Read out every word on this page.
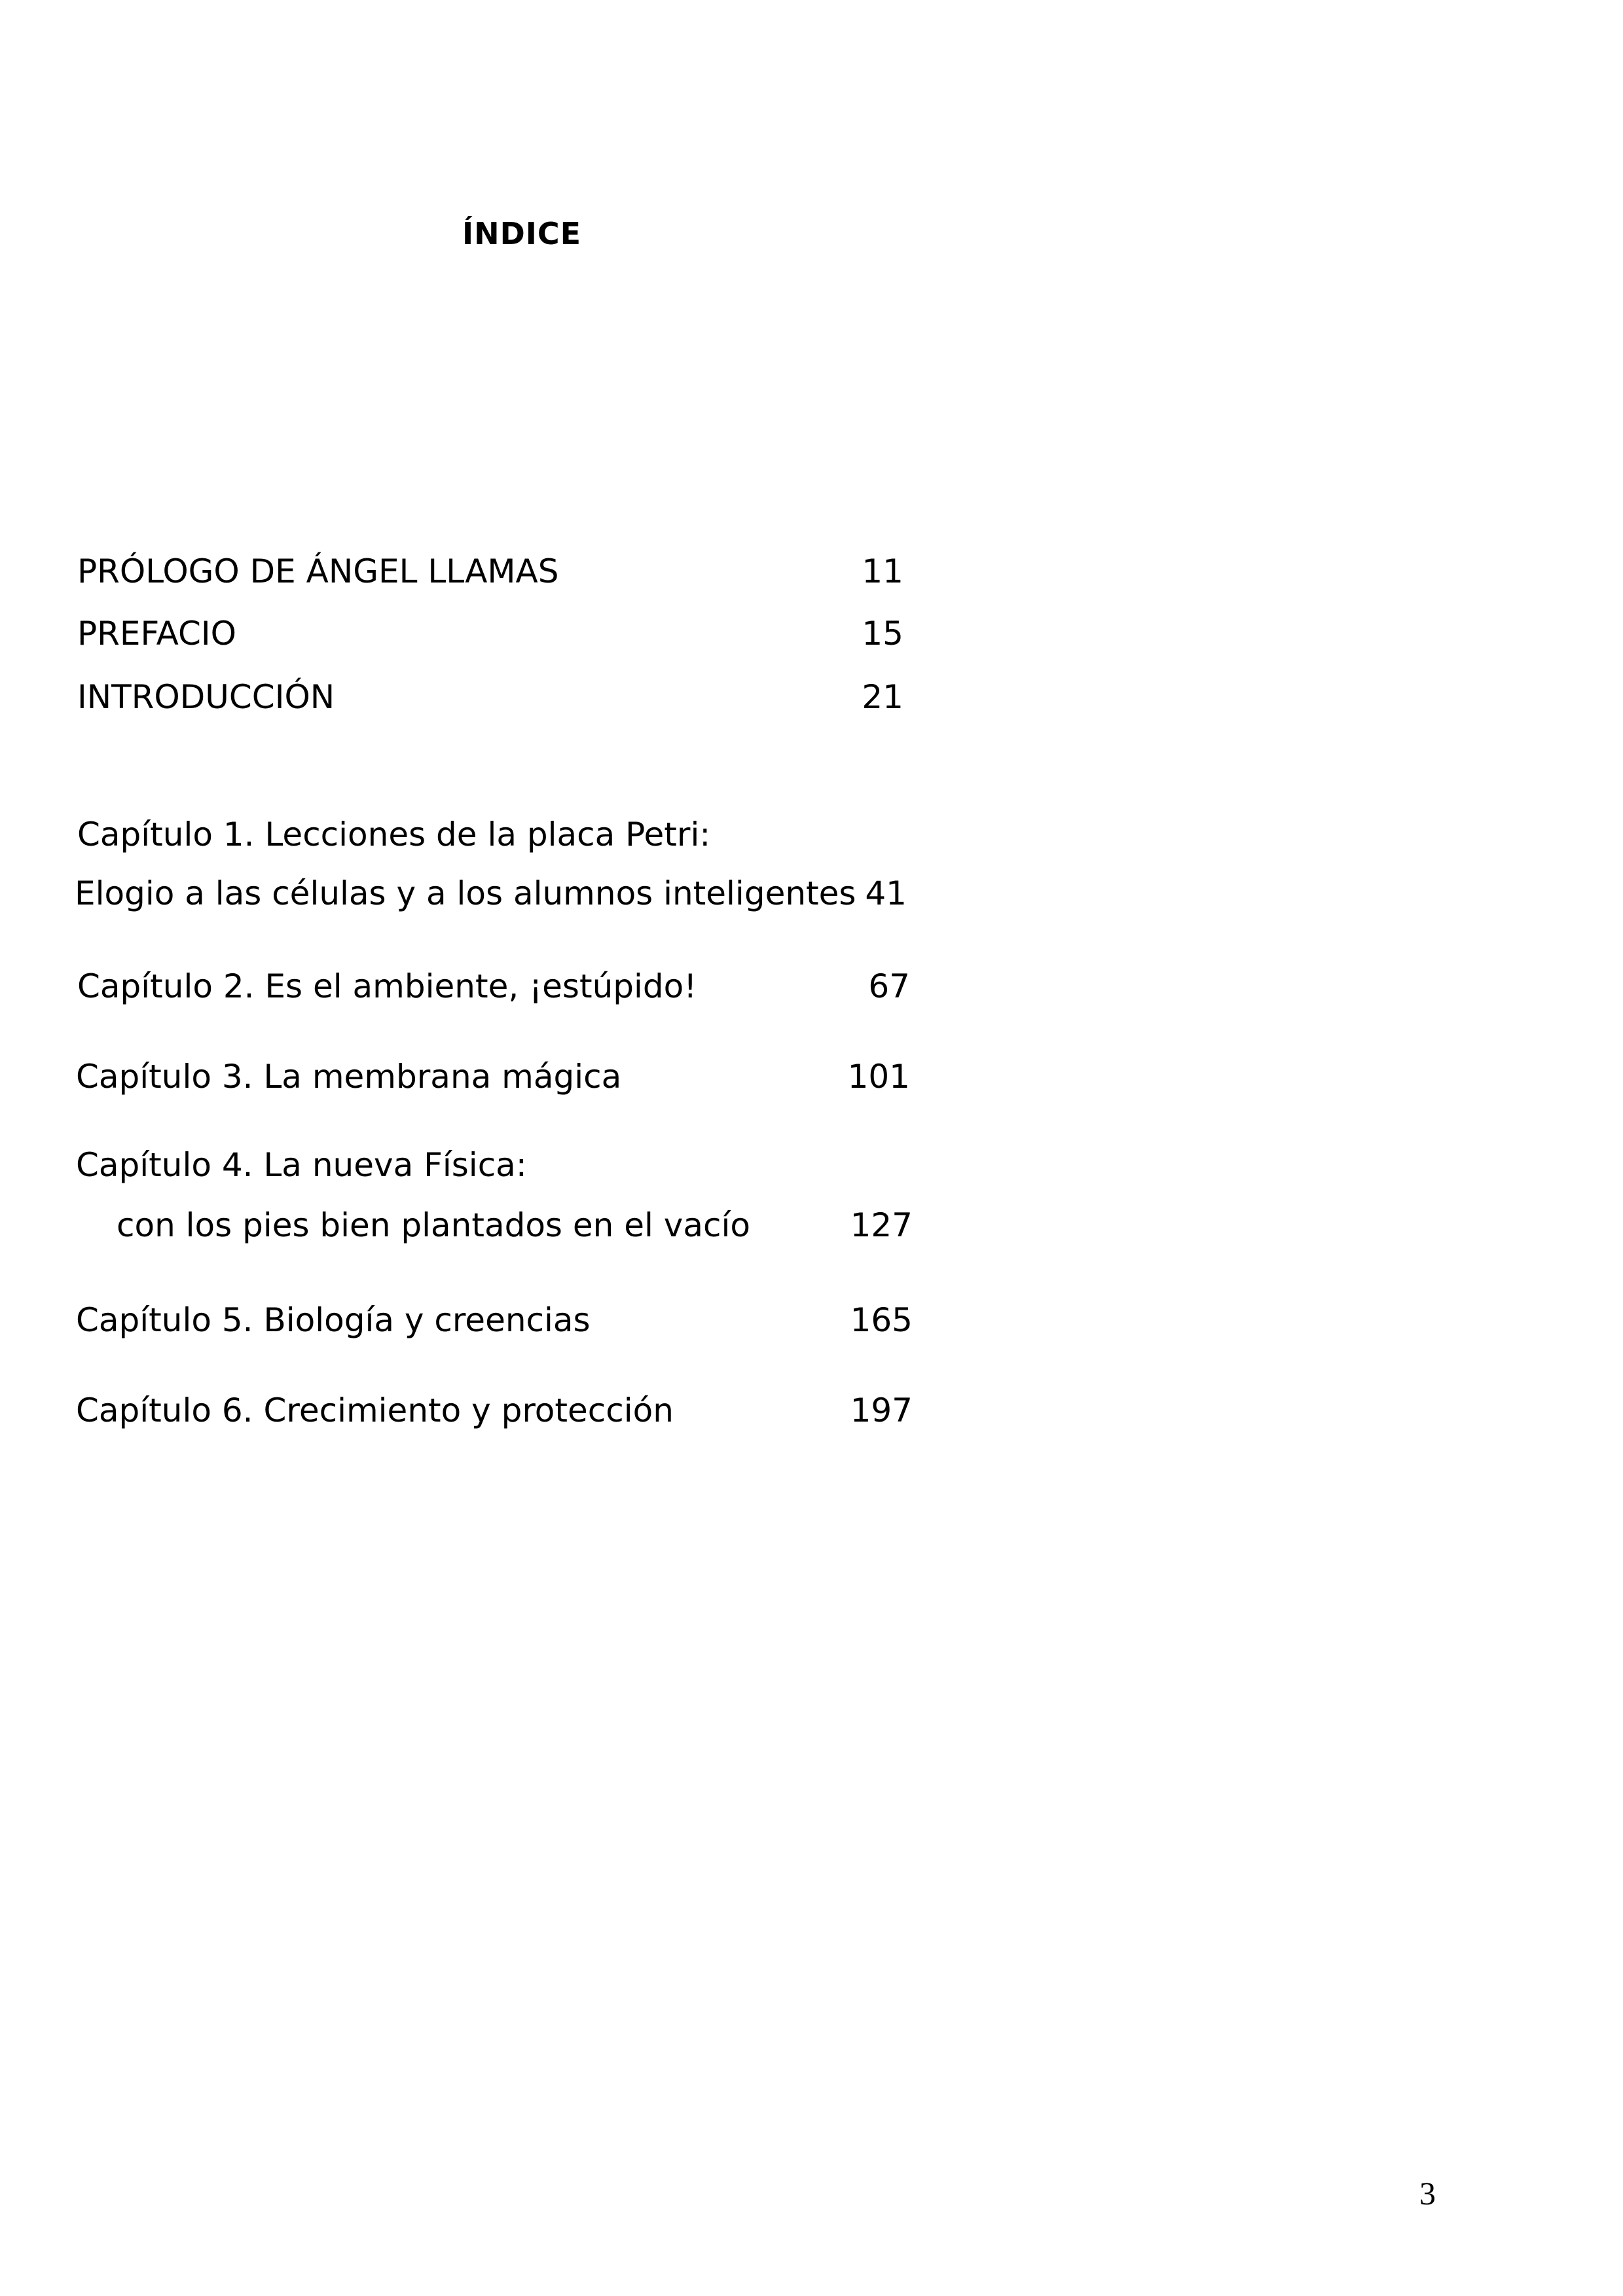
ÍNDICE
PRÓLOGO DE ÁNGEL LLAMAS	11
PREFACIO	15
INTRODUCCIÓN	21
Capítulo 1. Lecciones de la placa Petri:
Elogio a las células y a los alumnos inteligentes 41
Capítulo 2. Es el ambiente, ¡estúpido!	67
Capítulo 3. La membrana mágica	101
Capítulo 4. La nueva Física:
con los pies bien plantados en el vacío	127
Capítulo 5. Biología y creencias	165
Capítulo 6. Crecimiento y protección	197
3
